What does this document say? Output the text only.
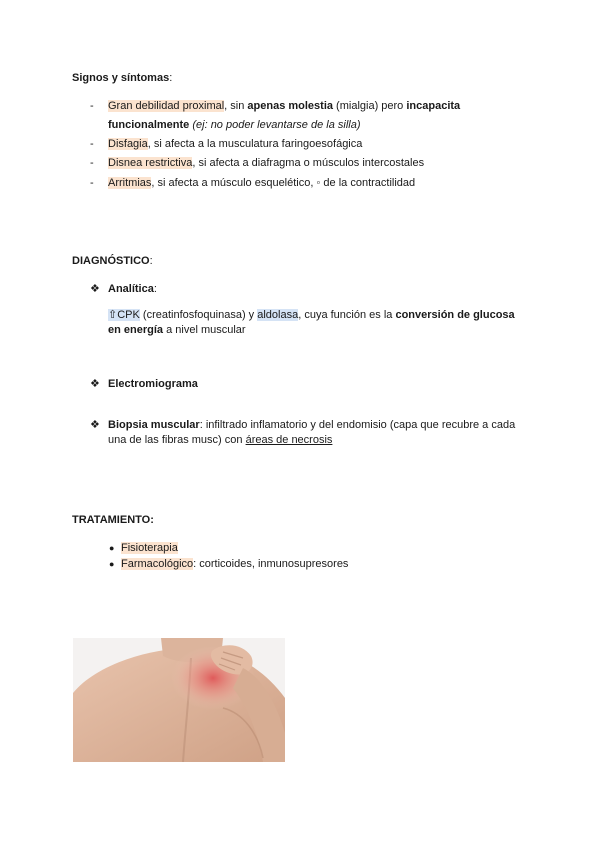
Signos y síntomas:
- Gran debilidad proximal, sin apenas molestia (mialgia) pero incapacita
funcionalmente (ej: no poder levantarse de la silla)
- Disfagia, si afecta a la musculatura faringoesofágica
- Disnea restrictiva, si afecta a diafragma o músculos intercostales
- Arritmias, si afecta a músculo esquelético, ◦ de la contractilidad
DIAGNÓSTICO:
❖ Analítica:
⇧CPK (creatinfosfoquinasa) y aldolasa, cuya función es la conversión de glucosa
en energía a nivel muscular
❖ Electromiograma
❖ Biopsia muscular: infiltrado inflamatorio y del endomisio (capa que recubre a cada
una de las fibras musc) con áreas de necrosis
TRATAMIENTO:
● Fisioterapia
● Farmacológico: corticoides, inmunosupresores
